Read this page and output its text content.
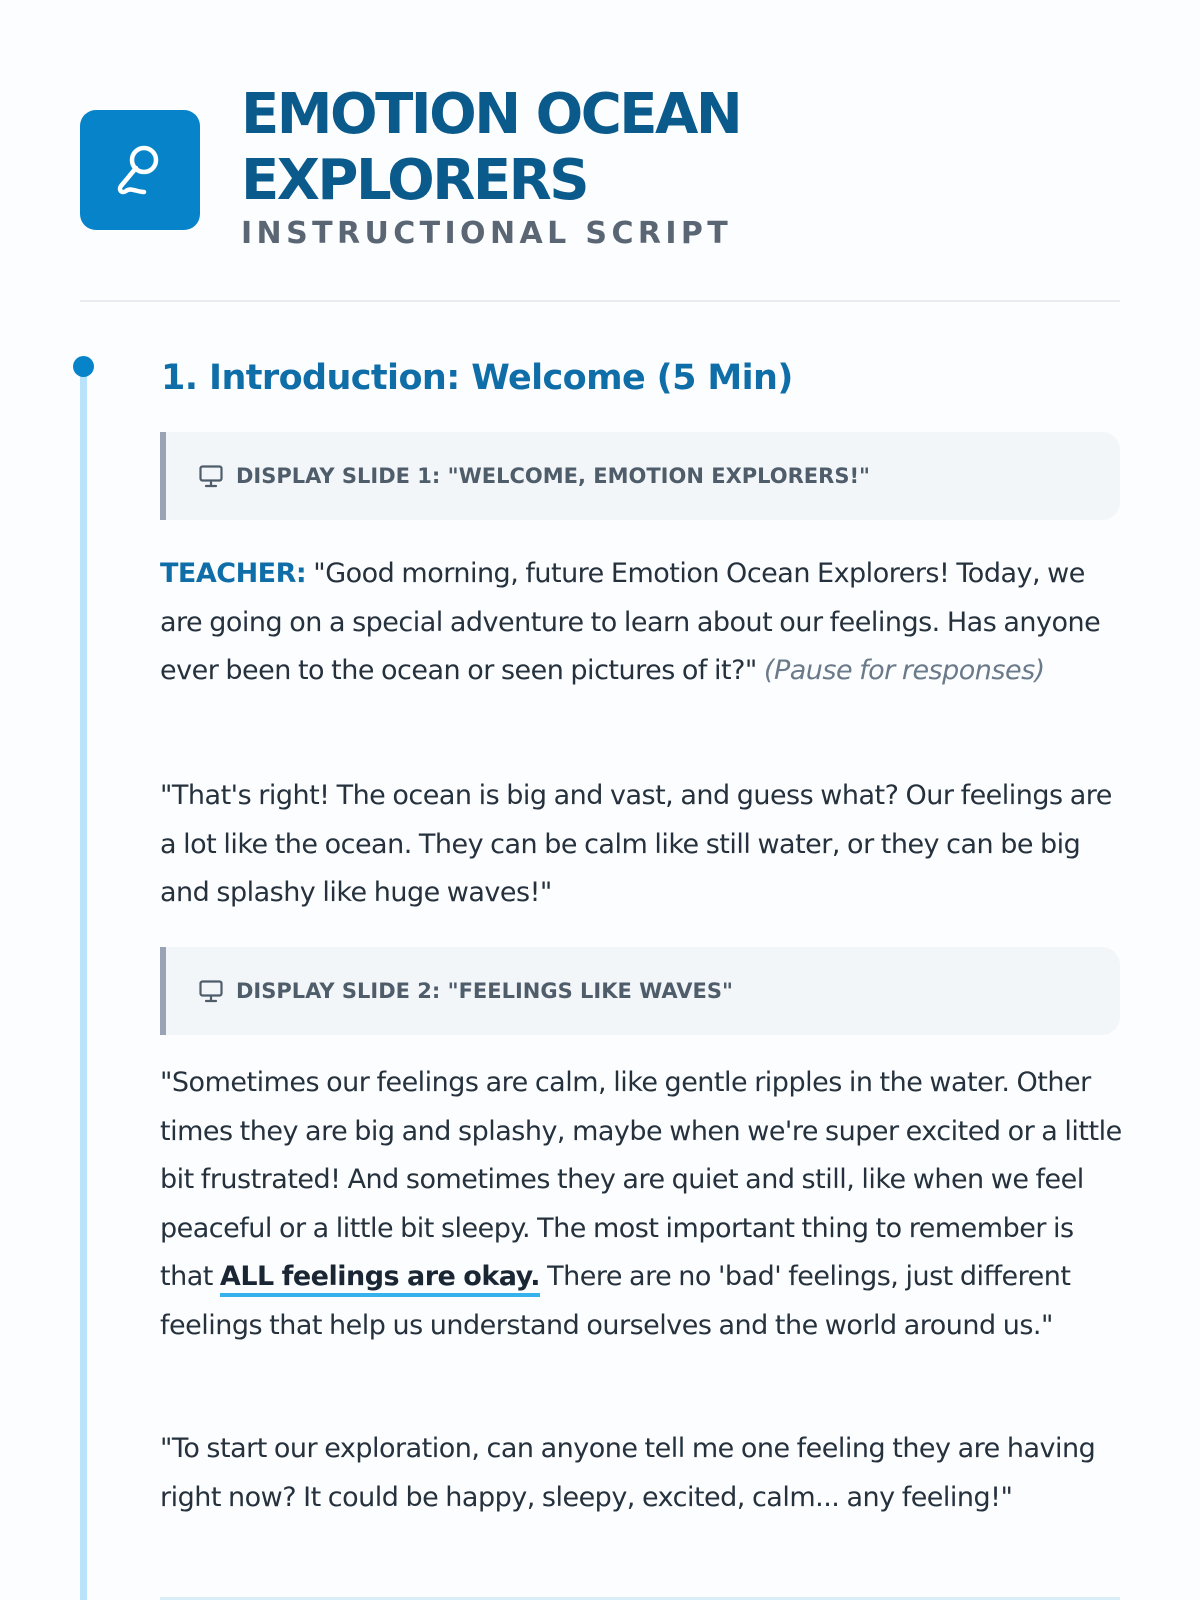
EMOTION OCEAN EXPLORERS
INSTRUCTIONAL SCRIPT
1. Introduction: Welcome (5 Min)
DISPLAY SLIDE 1: "WELCOME, EMOTION EXPLORERS!"

TEACHER: "Good morning, future Emotion Ocean Explorers! Today, we are going on a special adventure to learn about our feelings. Has anyone ever been to the ocean or seen pictures of it?" (Pause for responses)

"That's right! The ocean is big and vast, and guess what? Our feelings are a lot like the ocean. They can be calm like still water, or they can be big and splashy like huge waves!"

DISPLAY SLIDE 2: "FEELINGS LIKE WAVES"

"Sometimes our feelings are calm, like gentle ripples in the water. Other times they are big and splashy, maybe when we're super excited or a little bit frustrated! And sometimes they are quiet and still, like when we feel peaceful or a little bit sleepy. The most important thing to remember is that ALL feelings are okay. There are no 'bad' feelings, just different feelings that help us understand ourselves and the world around us."

"To start our exploration, can anyone tell me one feeling they are having right now? It could be happy, sleepy, excited, calm... any feeling!"
